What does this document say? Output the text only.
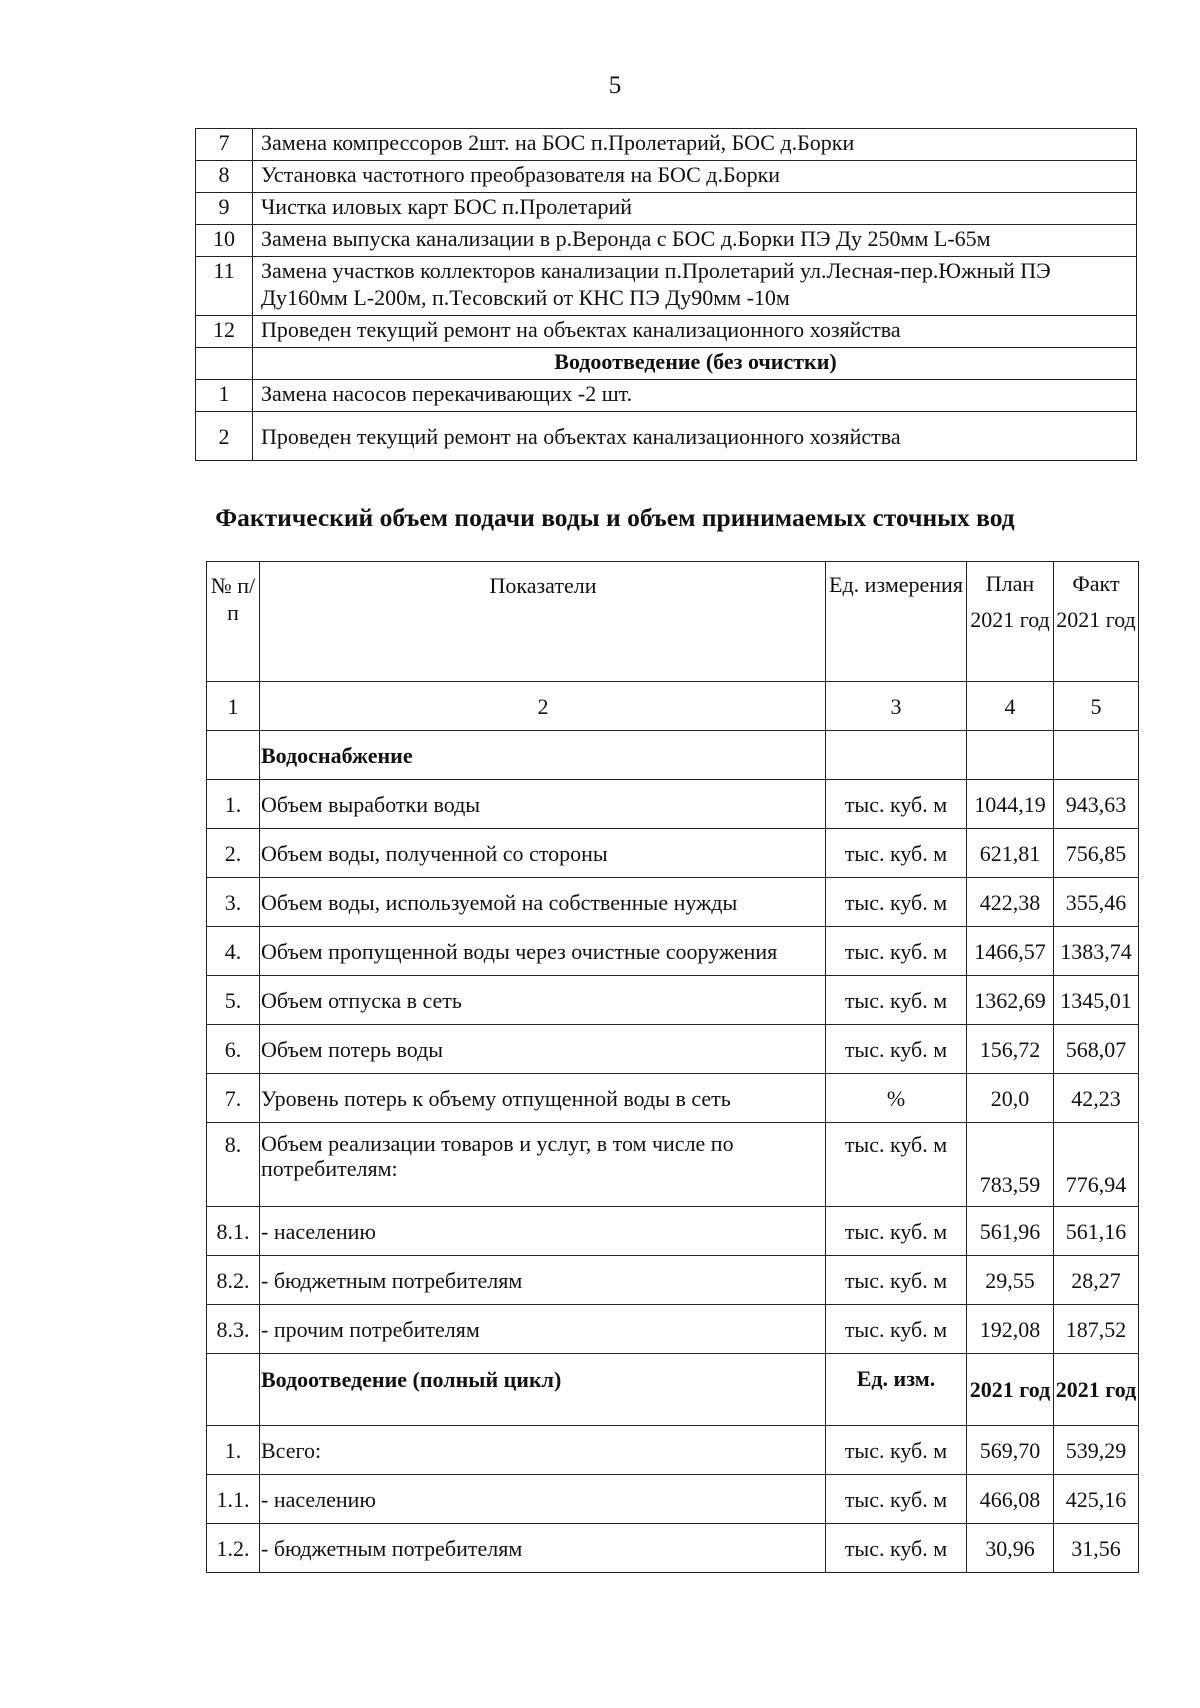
5
7	Замена компрессоров 2шт. на БОС п.Пролетарий, БОС д.Борки
8	Установка частотного преобразователя на БОС д.Борки
9	Чистка иловых карт БОС п.Пролетарий
10	Замена выпуска канализации в р.Веронда с БОС д.Борки ПЭ Ду 250мм L-65м
11	Замена участков коллекторов канализации п.Пролетарий ул.Лесная-пер.Южный ПЭ Ду160мм L-200м, п.Тесовский от КНС ПЭ Ду90мм -10м
12	Проведен текущий ремонт на объектах канализационного хозяйства
	Водоотведение (без очистки)
1	Замена насосов перекачивающих -2 шт.
2	Проведен текущий ремонт на объектах канализационного хозяйства
Фактический объем подачи воды и объем принимаемых сточных вод
№ п/п	Показатели	Ед. измерения	План 2021 год	Факт 2021 год
1	2	3	4	5
	Водоснабжение			
1.	Объем выработки воды	тыс. куб. м	1044,19	943,63
2.	Объем воды, полученной со стороны	тыс. куб. м	621,81	756,85
3.	Объем воды, используемой на собственные нужды	тыс. куб. м	422,38	355,46
4.	Объем пропущенной воды через очистные сооружения	тыс. куб. м	1466,57	1383,74
5.	Объем отпуска в сеть	тыс. куб. м	1362,69	1345,01
6.	Объем потерь воды	тыс. куб. м	156,72	568,07
7.	Уровень потерь к объему отпущенной воды в сеть	%	20,0	42,23
8.	Объем реализации товаров и услуг, в том числе по потребителям:	тыс. куб. м	783,59	776,94
8.1.	- населению	тыс. куб. м	561,96	561,16
8.2.	- бюджетным потребителям	тыс. куб. м	29,55	28,27
8.3.	- прочим потребителям	тыс. куб. м	192,08	187,52
	Водоотведение (полный цикл)	Ед. изм.	2021 год	2021 год
1.	Всего:	тыс. куб. м	569,70	539,29
1.1.	- населению	тыс. куб. м	466,08	425,16
1.2.	- бюджетным потребителям	тыс. куб. м	30,96	31,56
